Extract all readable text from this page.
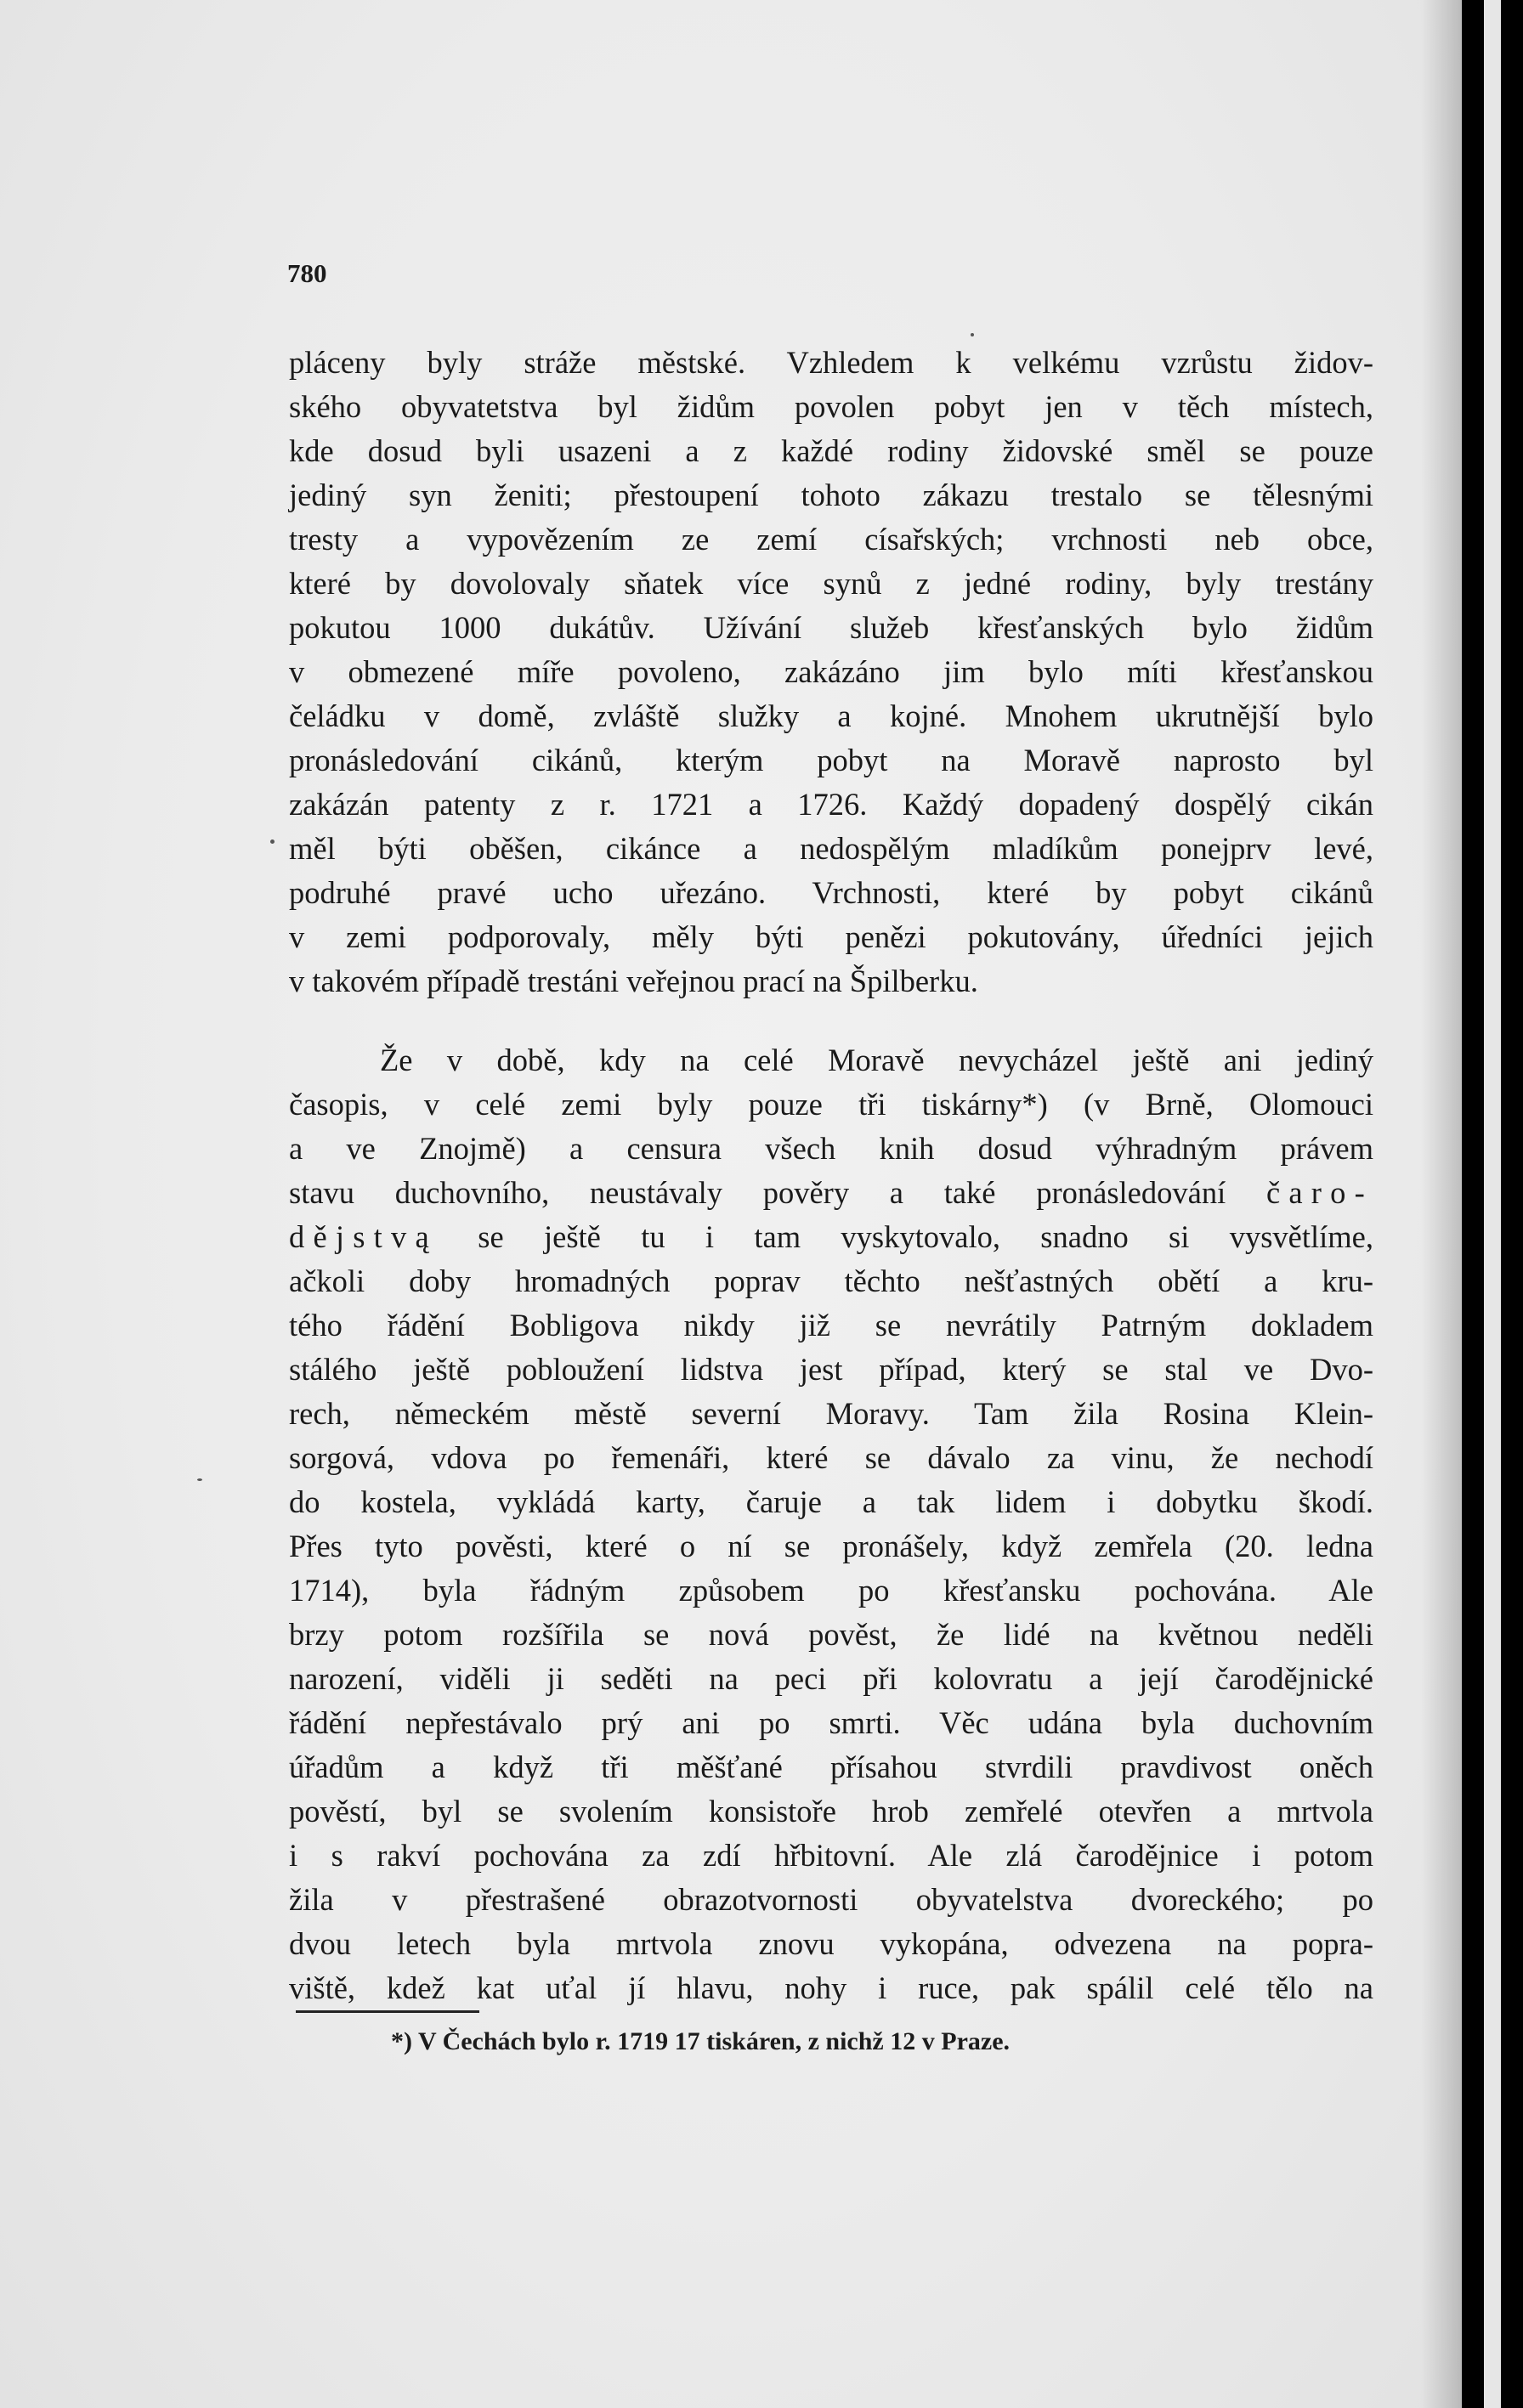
780

pláceny byly stráže městské. Vzhledem k velkému vzrůstu židov-
ského obyvatetstva byl židům povolen pobyt jen v těch místech,
kde dosud byli usazeni a z každé rodiny židovské směl se pouze
jediný syn ženiti; přestoupení tohoto zákazu trestalo se tělesnými
tresty a vypovězením ze zemí císařských; vrchnosti neb obce,
které by dovolovaly sňatek více synů z jedné rodiny, byly trestány
pokutou 1000 dukátův. Užívání služeb křesťanských bylo židům
v obmezené míře povoleno, zakázáno jim bylo míti křesťanskou
čeládku v domě, zvláště služky a kojné. Mnohem ukrutnější bylo
pronásledování cikánů, kterým pobyt na Moravě naprosto byl
zakázán patenty z r. 1721 a 1726. Každý dopadený dospělý cikán
měl býti oběšen, cikánce a nedospělým mladíkům ponejprv levé,
podruhé pravé ucho uřezáno. Vrchnosti, které by pobyt cikánů
v zemi podporovaly, měly býti penězi pokutovány, úředníci jejich
v takovém případě trestáni veřejnou prací na Špilberku.
Že v době, kdy na celé Moravě nevycházel ještě ani jediný
časopis, v celé zemi byly pouze tři tiskárny*) (v Brně, Olomouci
a ve Znojmě) a censura všech knih dosud výhradným právem
stavu duchovního, neustávaly pověry a také pronásledování čaro-
dějstvą se ještě tu i tam vyskytovalo, snadno si vysvětlíme,
ačkoli doby hromadných poprav těchto nešťastných obětí a kru-
tého řádění Bobligova nikdy již se nevrátily Patrným dokladem
stálého ještě pobloužení lidstva jest případ, který se stal ve Dvo-
rech, německém městě severní Moravy. Tam žila Rosina Klein-
sorgová, vdova po řemenáři, které se dávalo za vinu, že nechodí
do kostela, vykládá karty, čaruje a tak lidem i dobytku škodí.
Přes tyto pověsti, které o ní se pronášely, když zemřela (20. ledna
1714), byla řádným způsobem po křesťansku pochována. Ale
brzy potom rozšířila se nová pověst, že lidé na květnou neděli
narození, viděli ji seděti na peci při kolovratu a její čarodějnické
řádění nepřestávalo prý ani po smrti. Věc udána byla duchovním
úřadům a když tři měšťané přísahou stvrdili pravdivost oněch
pověstí, byl se svolením konsistoře hrob zemřelé otevřen a mrtvola
i s rakví pochována za zdí hřbitovní. Ale zlá čarodějnice i potom
žila v přestrašené obrazotvornosti obyvatelstva dvoreckého; po
dvou letech byla mrtvola znovu vykopána, odvezena na popra-
viště, kdež kat uťal jí hlavu, nohy i ruce, pak spálil celé tělo na

*) V Čechách bylo r. 1719 17 tiskáren, z nichž 12 v Praze.
